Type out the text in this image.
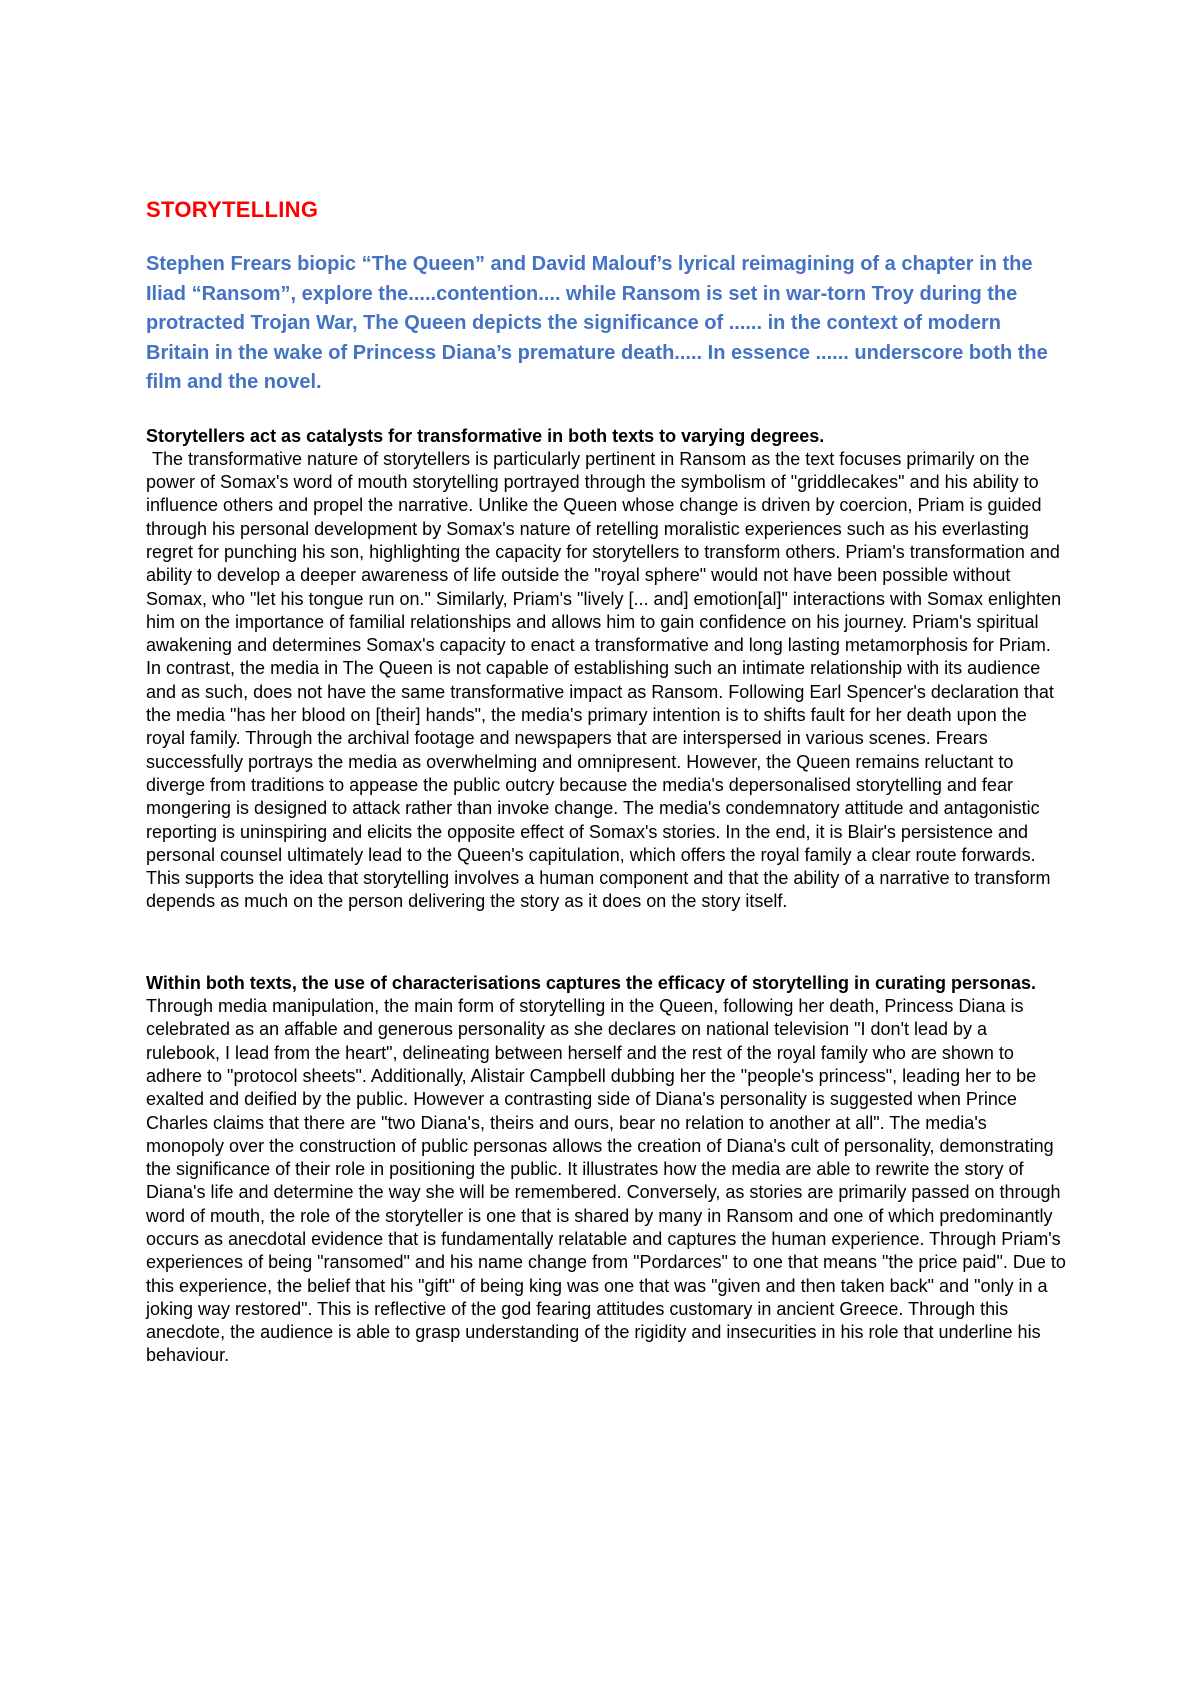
STORYTELLING

Stephen Frears biopic “The Queen” and David Malouf’s lyrical reimagining of a chapter in the Iliad “Ransom”, explore the.....contention.... while Ransom is set in war-torn Troy during the protracted Trojan War, The Queen depicts the significance of ...... in the context of modern Britain in the wake of Princess Diana’s premature death..... In essence ...... underscore both the film and the novel.

Storytellers act as catalysts for transformative in both texts to varying degrees.
The transformative nature of storytellers is particularly pertinent in Ransom as the text focuses primarily on the power of Somax's word of mouth storytelling portrayed through the symbolism of "griddlecakes" and his ability to influence others and propel the narrative. Unlike the Queen whose change is driven by coercion, Priam is guided through his personal development by Somax's nature of retelling moralistic experiences such as his everlasting regret for punching his son, highlighting the capacity for storytellers to transform others. Priam's transformation and ability to develop a deeper awareness of life outside the "royal sphere" would not have been possible without Somax, who "let his tongue run on." Similarly, Priam's "lively [... and] emotion[al]" interactions with Somax enlighten him on the importance of familial relationships and allows him to gain confidence on his journey. Priam's spiritual awakening and determines Somax's capacity to enact a transformative and long lasting metamorphosis for Priam. In contrast, the media in The Queen is not capable of establishing such an intimate relationship with its audience and as such, does not have the same transformative impact as Ransom. Following Earl Spencer's declaration that the media "has her blood on [their] hands", the media's primary intention is to shifts fault for her death upon the royal family. Through the archival footage and newspapers that are interspersed in various scenes. Frears successfully portrays the media as overwhelming and omnipresent. However, the Queen remains reluctant to diverge from traditions to appease the public outcry because the media's depersonalised storytelling and fear mongering is designed to attack rather than invoke change. The media's condemnatory attitude and antagonistic reporting is uninspiring and elicits the opposite effect of Somax's stories. In the end, it is Blair's persistence and personal counsel ultimately lead to the Queen's capitulation, which offers the royal family a clear route forwards. This supports the idea that storytelling involves a human component and that the ability of a narrative to transform depends as much on the person delivering the story as it does on the story itself.

Within both texts, the use of characterisations captures the efficacy of storytelling in curating personas. Through media manipulation, the main form of storytelling in the Queen, following her death, Princess Diana is celebrated as an affable and generous personality as she declares on national television "I don't lead by a rulebook, I lead from the heart", delineating between herself and the rest of the royal family who are shown to adhere to "protocol sheets". Additionally, Alistair Campbell dubbing her the "people's princess", leading her to be exalted and deified by the public. However a contrasting side of Diana's personality is suggested when Prince Charles claims that there are "two Diana's, theirs and ours, bear no relation to another at all". The media's monopoly over the construction of public personas allows the creation of Diana's cult of personality, demonstrating the significance of their role in positioning the public. It illustrates how the media are able to rewrite the story of Diana's life and determine the way she will be remembered. Conversely, as stories are primarily passed on through word of mouth, the role of the storyteller is one that is shared by many in Ransom and one of which predominantly occurs as anecdotal evidence that is fundamentally relatable and captures the human experience. Through Priam's experiences of being "ransomed" and his name change from "Pordarces" to one that means "the price paid". Due to this experience, the belief that his "gift" of being king was one that was "given and then taken back" and "only in a joking way restored". This is reflective of the god fearing attitudes customary in ancient Greece. Through this anecdote, the audience is able to grasp understanding of the rigidity and insecurities in his role that underline his behaviour.
